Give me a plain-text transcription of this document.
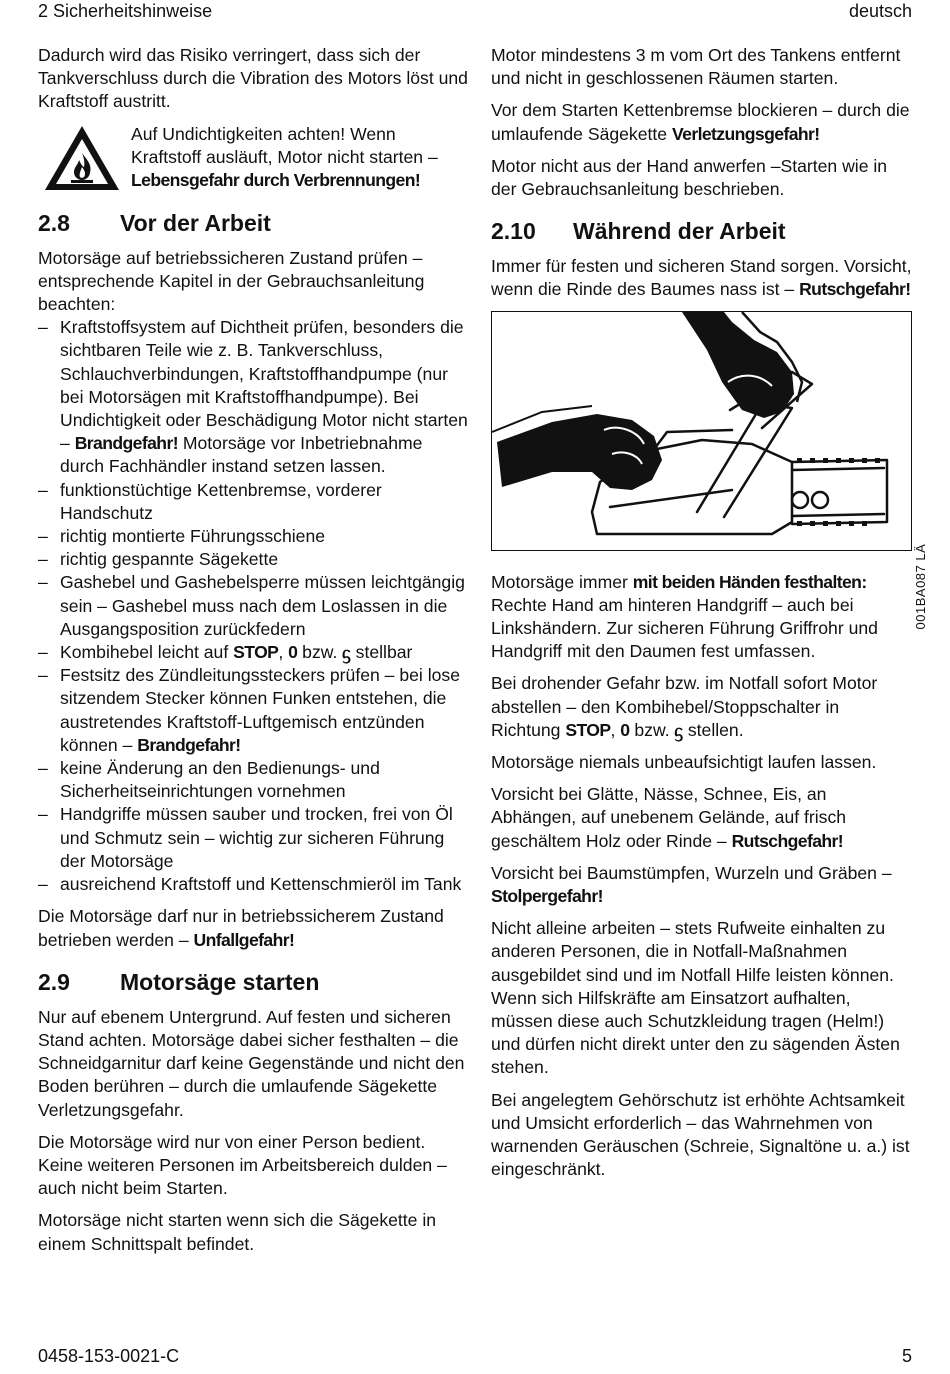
2 Sicherheitshinweise	deutsch

Dadurch wird das Risiko verringert, dass sich der Tankverschluss durch die Vibration des Motors löst und Kraftstoff austritt.

Auf Undichtigkeiten achten! Wenn Kraftstoff ausläuft, Motor nicht starten – Lebensgefahr durch Verbrennungen!
2.8 Vor der Arbeit

Motorsäge auf betriebssicheren Zustand prüfen – entsprechende Kapitel in der Gebrauchsanleitung beachten:

– Kraftstoffsystem auf Dichtheit prüfen, besonders die sichtbaren Teile wie z. B. Tankverschluss, Schlauchverbindungen, Kraftstoffhandpumpe (nur bei Motorsägen mit Kraftstoffhandpumpe). Bei Undichtigkeit oder Beschädigung Motor nicht starten – Brandgefahr! Motorsäge vor Inbetriebnahme durch Fachhändler instand setzen lassen.
– funktionstüchtige Kettenbremse, vorderer Handschutz
– richtig montierte Führungsschiene
– richtig gespannte Sägekette
– Gashebel und Gashebelsperre müssen leichtgängig sein – Gashebel muss nach dem Loslassen in die Ausgangsposition zurückfedern
– Kombihebel leicht auf STOP, 0 bzw. ᦓ stellbar
– Festsitz des Zündleitungssteckers prüfen – bei lose sitzendem Stecker können Funken entstehen, die austretendes Kraftstoff-Luftgemisch entzünden können – Brandgefahr!
– keine Änderung an den Bedienungs- und Sicherheitseinrichtungen vornehmen
– Handgriffe müssen sauber und trocken, frei von Öl und Schmutz sein – wichtig zur sicheren Führung der Motorsäge
– ausreichend Kraftstoff und Kettenschmieröl im Tank

Die Motorsäge darf nur in betriebssicherem Zustand betrieben werden – Unfallgefahr!

2.9 Motorsäge starten

Nur auf ebenem Untergrund. Auf festen und sicheren Stand achten. Motorsäge dabei sicher festhalten – die Schneidgarnitur darf keine Gegenstände und nicht den Boden berühren – durch die umlaufende Sägekette Verletzungsgefahr.

Die Motorsäge wird nur von einer Person bedient. Keine weiteren Personen im Arbeitsbereich dulden – auch nicht beim Starten.

Motorsäge nicht starten wenn sich die Sägekette in einem Schnittspalt befindet.

Motor mindestens 3 m vom Ort des Tankens entfernt und nicht in geschlossenen Räumen starten.

Vor dem Starten Kettenbremse blockieren – durch die umlaufende Sägekette Verletzungsgefahr!

Motor nicht aus der Hand anwerfen –Starten wie in der Gebrauchsanleitung beschrieben.

2.10 Während der Arbeit

Immer für festen und sicheren Stand sorgen. Vorsicht, wenn die Rinde des Baumes nass ist – Rutschgefahr!

001BA087 LÄ

Motorsäge immer mit beiden Händen festhalten: Rechte Hand am hinteren Handgriff – auch bei Linkshändern. Zur sicheren Führung Griffrohr und Handgriff mit den Daumen fest umfassen.

Bei drohender Gefahr bzw. im Notfall sofort Motor abstellen – den Kombihebel/Stoppschalter in Richtung STOP, 0 bzw. ᦓ stellen.

Motorsäge niemals unbeaufsichtigt laufen lassen.

Vorsicht bei Glätte, Nässe, Schnee, Eis, an Abhängen, auf unebenem Gelände, auf frisch geschältem Holz oder Rinde – Rutschgefahr!

Vorsicht bei Baumstümpfen, Wurzeln und Gräben – Stolpergefahr!

Nicht alleine arbeiten – stets Rufweite einhalten zu anderen Personen, die in Notfall-Maßnahmen ausgebildet sind und im Notfall Hilfe leisten können. Wenn sich Hilfskräfte am Einsatzort aufhalten, müssen diese auch Schutzkleidung tragen (Helm!) und dürfen nicht direkt unter den zu sägenden Ästen stehen.

Bei angelegtem Gehörschutz ist erhöhte Achtsamkeit und Umsicht erforderlich – das Wahrnehmen von warnenden Geräuschen (Schreie, Signaltöne u. a.) ist eingeschränkt.

0458-153-0021-C	5
